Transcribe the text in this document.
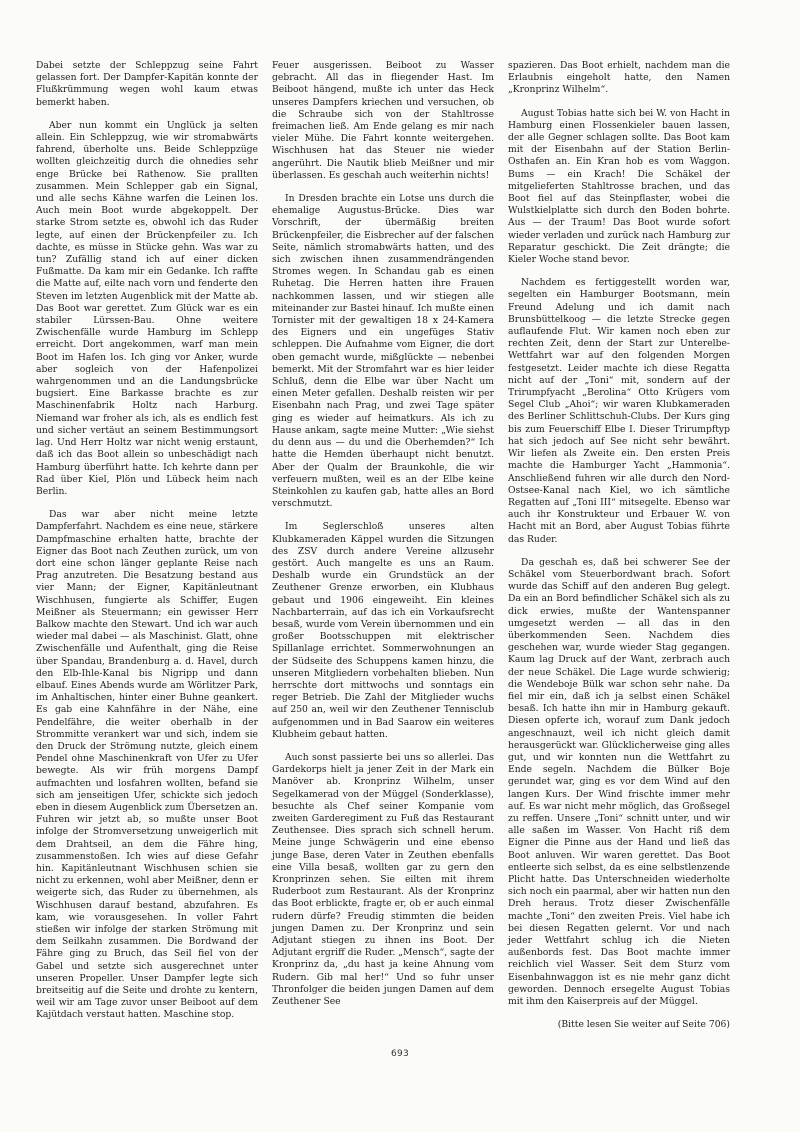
Dabei setzte der Schleppzug seine Fahrt gelassen fort. Der Dampfer-Kapitän konnte der Flußkrümmung wegen wohl kaum etwas bemerkt haben.

Aber nun kommt ein Unglück ja selten allein. Ein Schleppzug, wie wir stromabwärts fahrend, überholte uns. Beide Schleppzüge wollten gleichzeitig durch die ohnedies sehr enge Brücke bei Rathenow. Sie prallten zusammen. Mein Schlepper gab ein Signal, und alle sechs Kähne warfen die Leinen los. Auch mein Boot wurde abgekoppelt. Der starke Strom setzte es, obwohl ich das Ruder legte, auf einen der Brückenpfeiler zu. Ich dachte, es müsse in Stücke gehn. Was war zu tun? Zufällig stand ich auf einer dicken Fußmatte. Da kam mir ein Gedanke. Ich raffte die Matte auf, eilte nach vorn und fenderte den Steven im letzten Augenblick mit der Matte ab. Das Boot war gerettet. Zum Glück war es ein stabiler Lürssen-Bau. Ohne weitere Zwischenfälle wurde Hamburg im Schlepp erreicht. Dort angekommen, warf man mein Boot im Hafen los. Ich ging vor Anker, wurde aber sogleich von der Hafenpolizei wahrgenommen und an die Landungsbrücke bugsiert. Eine Barkasse brachte es zur Maschinenfabrik Holtz nach Harburg. Niemand war froher als ich, als es endlich fest und sicher vertäut an seinem Bestimmungsort lag. Und Herr Holtz war nicht wenig erstaunt, daß ich das Boot allein so unbeschädigt nach Hamburg überführt hatte. Ich kehrte dann per Rad über Kiel, Plön und Lübeck heim nach Berlin.

Das war aber nicht meine letzte Dampferfahrt. Nachdem es eine neue, stärkere Dampfmaschine erhalten hatte, brachte der Eigner das Boot nach Zeuthen zurück, um von dort eine schon länger geplante Reise nach Prag anzutreten. Die Besatzung bestand aus vier Mann; der Eigner, Kapitänleutnant Wischhusen, fungierte als Schiffer, Eugen Meißner als Steuermann; ein gewisser Herr Balkow machte den Stewart. Und ich war auch wieder mal dabei — als Maschinist. Glatt, ohne Zwischenfälle und Aufenthalt, ging die Reise über Spandau, Brandenburg a. d. Havel, durch den Elb-Ihle-Kanal bis Nigripp und dann elbauf. Eines Abends wurde am Wörlitzer Park, im Anhaltischen, hinter einer Buhne geankert. Es gab eine Kahnfähre in der Nähe, eine Pendelfähre, die weiter oberhalb in der Strommitte verankert war und sich, indem sie den Druck der Strömung nutzte, gleich einem Pendel ohne Maschinenkraft von Ufer zu Ufer bewegte. Als wir früh morgens Dampf aufmachten und losfahren wollten, befand sie sich am jenseitigen Ufer, schickte sich jedoch eben in diesem Augenblick zum Übersetzen an. Fuhren wir jetzt ab, so mußte unser Boot infolge der Stromversetzung unweigerlich mit dem Drahtseil, an dem die Fähre hing, zusammenstoßen. Ich wies auf diese Gefahr hin. Kapitänleutnant Wischhusen schien sie nicht zu erkennen, wohl aber Meißner, denn er weigerte sich, das Ruder zu übernehmen, als Wischhusen darauf bestand, abzufahren. Es kam, wie vorausgesehen. In voller Fahrt stießen wir infolge der starken Strömung mit dem Seilkahn zusammen. Die Bordwand der Fähre ging zu Bruch, das Seil fiel von der Gabel und setzte sich ausgerechnet unter unseren Propeller. Unser Dampfer legte sich breitseitig auf die Seite und drohte zu kentern, weil wir am Tage zuvor unser Beiboot auf dem Kajütdach verstaut hatten. Maschine stop.

Feuer ausgerissen. Beiboot zu Wasser gebracht. All das in fliegender Hast. Im Beiboot hängend, mußte ich unter das Heck unseres Dampfers kriechen und versuchen, ob die Schraube sich von der Stahltrosse freimachen ließ. Am Ende gelang es mir nach vieler Mühe. Die Fahrt konnte weitergehen. Wischhusen hat das Steuer nie wieder angerührt. Die Nautik blieb Meißner und mir überlassen. Es geschah auch weiterhin nichts!

In Dresden brachte ein Lotse uns durch die ehemalige Augustus-Brücke. Dies war Vorschrift, der übermäßig breiten Brückenpfeiler, die Eisbrecher auf der falschen Seite, nämlich stromabwärts hatten, und des sich zwischen ihnen zusammendrängenden Stromes wegen. In Schandau gab es einen Ruhetag. Die Herren hatten ihre Frauen nachkommen lassen, und wir stiegen alle miteinander zur Bastei hinauf. Ich mußte einen Tornister mit der gewaltigen 18 x 24-Kamera des Eigners und ein ungefüges Stativ schleppen. Die Aufnahme vom Eigner, die dort oben gemacht wurde, mißglückte — nebenbei bemerkt. Mit der Stromfahrt war es hier leider Schluß, denn die Elbe war über Nacht um einen Meter gefallen. Deshalb reisten wir per Eisenbahn nach Prag, und zwei Tage später ging es wieder auf heimatkurs. Als ich zu Hause ankam, sagte meine Mutter: „Wie siehst du denn aus — du und die Oberhemden?“ Ich hatte die Hemden überhaupt nicht benutzt. Aber der Qualm der Braunkohle, die wir verfeuern mußten, weil es an der Elbe keine Steinkohlen zu kaufen gab, hatte alles an Bord verschmutzt.

Im Seglerschloß unseres alten Klubkameraden Käppel wurden die Sitzungen des ZSV durch andere Vereine allzusehr gestört. Auch mangelte es uns an Raum. Deshalb wurde ein Grundstück an der Zeuthener Grenze erworben, ein Klubhaus gebaut und 1906 eingeweiht. Ein kleines Nachbarterrain, auf das ich ein Vorkaufsrecht besaß, wurde vom Verein übernommen und ein großer Bootsschuppen mit elektrischer Spillanlage errichtet. Sommerwohnungen an der Südseite des Schuppens kamen hinzu, die unseren Mitgliedern vorbehalten blieben. Nun herrschte dort mittwochs und sonntags ein reger Betrieb. Die Zahl der Mitglieder wuchs auf 250 an, weil wir den Zeuthener Tennisclub aufgenommen und in Bad Saarow ein weiteres Klubheim gebaut hatten.

Auch sonst passierte bei uns so allerlei. Das Gardekorps hielt ja jener Zeit in der Mark ein Manöver ab. Kronprinz Wilhelm, unser Segelkamerad von der Müggel (Sonderklasse), besuchte als Chef seiner Kompanie vom zweiten Garderegiment zu Fuß das Restaurant Zeuthensee. Dies sprach sich schnell herum. Meine junge Schwägerin und eine ebenso junge Base, deren Vater in Zeuthen ebenfalls eine Villa besaß, wollten gar zu gern den Kronprinzen sehen. Sie eilten mit ihrem Ruderboot zum Restaurant. Als der Kronprinz das Boot erblickte, fragte er, ob er auch einmal rudern dürfe? Freudig stimmten die beiden jungen Damen zu. Der Kronprinz und sein Adjutant stiegen zu ihnen ins Boot. Der Adjutant ergriff die Ruder. „Mensch“, sagte der Kronprinz da, „du hast ja keine Ahnung vom Rudern. Gib mal her!“ Und so fuhr unser Thronfolger die beiden jungen Damen auf dem Zeuthener See

spazieren. Das Boot erhielt, nachdem man die Erlaubnis eingeholt hatte, den Namen „Kronprinz Wilhelm“.

August Tobias hatte sich bei W. von Hacht in Hamburg einen Flossenkieler bauen lassen, der alle Gegner schlagen sollte. Das Boot kam mit der Eisenbahn auf der Station Berlin-Osthafen an. Ein Kran hob es vom Waggon. Bums — ein Krach! Die Schäkel der mitgelieferten Stahltrosse brachen, und das Boot fiel auf das Steinpflaster, wobei die Wulstkielplatte sich durch den Boden bohrte. Aus — der Traum! Das Boot wurde sofort wieder verladen und zurück nach Hamburg zur Reparatur geschickt. Die Zeit drängte; die Kieler Woche stand bevor.

Nachdem es fertiggestellt worden war, segelten ein Hamburger Bootsmann, mein Freund Adelung und ich damit nach Brunsbüttelkoog — die letzte Strecke gegen auflaufende Flut. Wir kamen noch eben zur rechten Zeit, denn der Start zur Unterelbe-Wettfahrt war auf den folgenden Morgen festgesetzt. Leider machte ich diese Regatta nicht auf der „Toni“ mit, sondern auf der Trirumpfyacht „Berolina“ Otto Krügers vom Segel Club „Ahoi“; wir waren Klubkameraden des Berliner Schlittschuh-Clubs. Der Kurs ging bis zum Feuerschiff Elbe I. Dieser Trirumpftyp hat sich jedoch auf See nicht sehr bewährt. Wir liefen als Zweite ein. Den ersten Preis machte die Hamburger Yacht „Hammonia“. Anschließend fuhren wir alle durch den Nord-Ostsee-Kanal nach Kiel, wo ich sämtliche Regatten auf „Toni III“ mitsegelte. Ebenso war auch ihr Konstrukteur und Erbauer W. von Hacht mit an Bord, aber August Tobias führte das Ruder.

Da geschah es, daß bei schwerer See der Schäkel vom Steuerbordwant brach. Sofort wurde das Schiff auf den anderen Bug gelegt. Da ein an Bord befindlicher Schäkel sich als zu dick erwies, mußte der Wantenspanner umgesetzt werden — all das in den überkommenden Seen. Nachdem dies geschehen war, wurde wieder Stag gegangen. Kaum lag Druck auf der Want, zerbrach auch der neue Schäkel. Die Lage wurde schwierig; die Wendeboje Bülk war schon sehr nahe. Da fiel mir ein, daß ich ja selbst einen Schäkel besaß. Ich hatte ihn mir in Hamburg gekauft. Diesen opferte ich, worauf zum Dank jedoch angeschnauzt, weil ich nicht gleich damit herausgerückt war. Glücklicherweise ging alles gut, und wir konnten nun die Wettfahrt zu Ende segeln. Nachdem die Bülker Boje gerundet war, ging es vor dem Wind auf den langen Kurs. Der Wind frischte immer mehr auf. Es war nicht mehr möglich, das Großsegel zu reffen. Unsere „Toni“ schnitt unter, und wir alle saßen im Wasser. Von Hacht riß dem Eigner die Pinne aus der Hand und ließ das Boot anluven. Wir waren gerettet. Das Boot entleerte sich selbst, da es eine selbstlenzende Plicht hatte. Das Unterschneiden wiederholte sich noch ein paarmal, aber wir hatten nun den Dreh heraus. Trotz dieser Zwischenfälle machte „Toni“ den zweiten Preis. Viel habe ich bei diesen Regatten gelernt. Vor und nach jeder Wettfahrt schlug ich die Nieten außenbords fest. Das Boot machte immer reichlich viel Wasser. Seit dem Sturz vom Eisenbahnwaggon ist es nie mehr ganz dicht geworden. Dennoch ersegelte August Tobias mit ihm den Kaiserpreis auf der Müggel.

(Bitte lesen Sie weiter auf Seite 706)

693
